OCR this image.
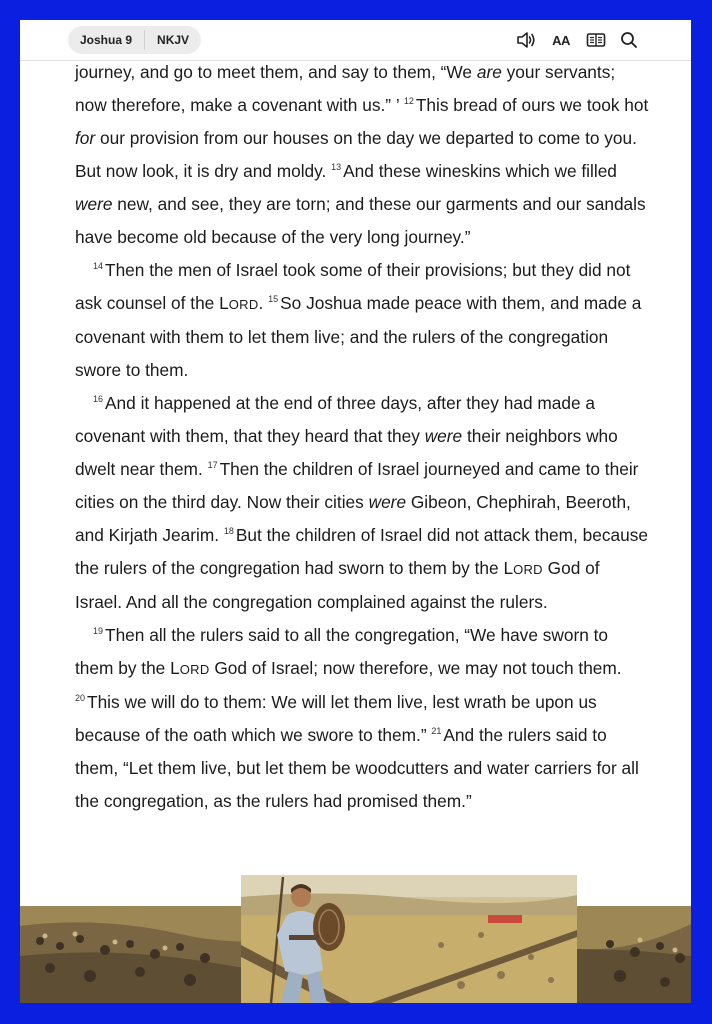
Joshua 9	NKJV	AA

journey, and go to meet them, and say to them, “We are your servants; now therefore, make a covenant with us.” ’ $^{12}$ This bread of ours we took hot for our provision from our houses on the day we departed to come to you. But now look, it is dry and moldy. $^{13}$ And these wineskins which we filled were new, and see, they are torn; and these our garments and our sandals have become old because of the very long journey.”

$^{14}$ Then the men of Israel took some of their provisions; but they did not ask counsel of the LORD. $^{15}$ So Joshua made peace with them, and made a covenant with them to let them live; and the rulers of the congregation swore to them.

$^{16}$ And it happened at the end of three days, after they had made a covenant with them, that they heard that they were their neighbors who dwelt near them. $^{17}$ Then the children of Israel journeyed and came to their cities on the third day. Now their cities were Gibeon, Chephirah, Beeroth, and Kirjath Jearim. $^{18}$ But the children of Israel did not attack them, because the rulers of the congregation had sworn to them by the LORD God of Israel. And all the congregation complained against the rulers.

$^{19}$ Then all the rulers said to all the congregation, “We have sworn to them by the LORD God of Israel; now therefore, we may not touch them. $^{20}$ This we will do to them: We will let them live, lest wrath be upon us because of the oath which we swore to them.” $^{21}$ And the rulers said to them, “Let them live, but let them be woodcutters and water carriers for all the congregation, as the rulers had promised them.”
